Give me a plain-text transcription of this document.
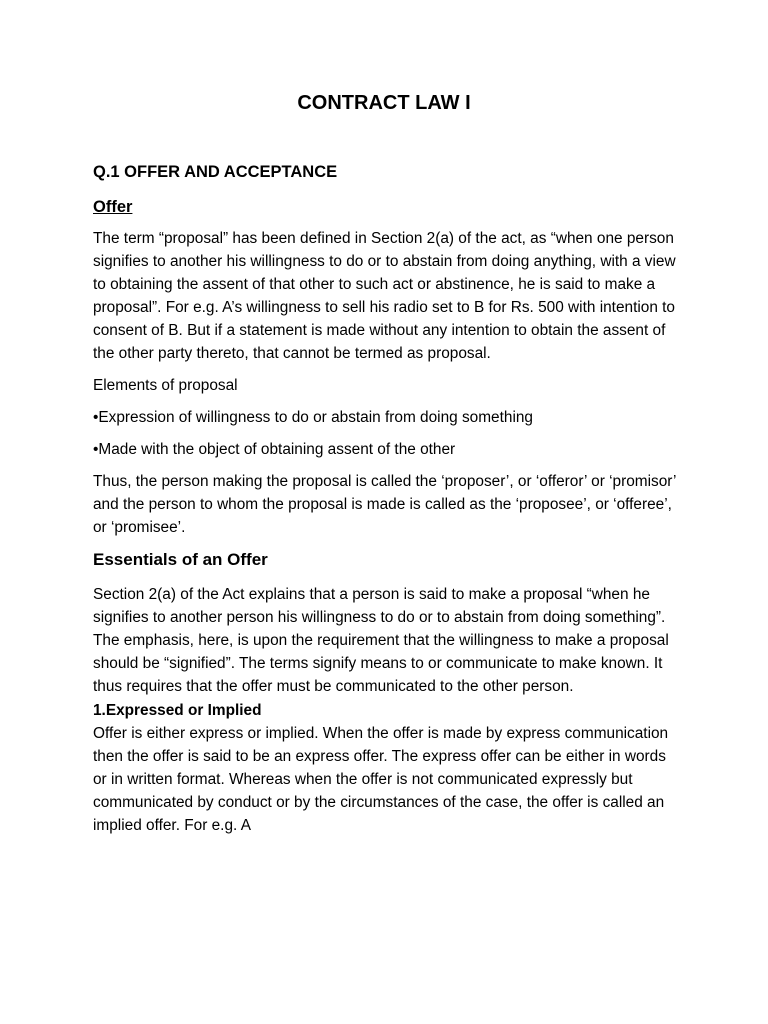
CONTRACT LAW I
Q.1 OFFER AND ACCEPTANCE
Offer
The term “proposal” has been defined in Section 2(a) of the act, as “when one person signifies to another his willingness to do or to abstain from doing anything, with a view to obtaining the assent of that other to such act or abstinence, he is said to make a proposal”. For e.g. A’s willingness to sell his radio set to B for Rs. 500 with intention to consent of B. But if a statement is made without any intention to obtain the assent of the other party thereto, that cannot be termed as proposal.
Elements of proposal
•Expression of willingness to do or abstain from doing something
•Made with the object of obtaining assent of the other
Thus, the person making the proposal is called the ‘proposer’, or ‘offeror’ or ‘promisor’ and the person to whom the proposal is made is called as the ‘proposee’, or ‘offeree’, or ‘promisee’.
Essentials of an Offer
Section 2(a) of the Act explains that a person is said to make a proposal “when he signifies to another person his willingness to do or to abstain from doing something”. The emphasis, here, is upon the requirement that the willingness to make a proposal should be “signified”. The terms signify means to or communicate to make known. It thus requires that the offer must be communicated to the other person.
1.Expressed or Implied
Offer is either express or implied. When the offer is made by express communication then the offer is said to be an express offer. The express offer can be either in words or in written format. Whereas when the offer is not communicated expressly but communicated by conduct or by the circumstances of the case, the offer is called an implied offer. For e.g. A
